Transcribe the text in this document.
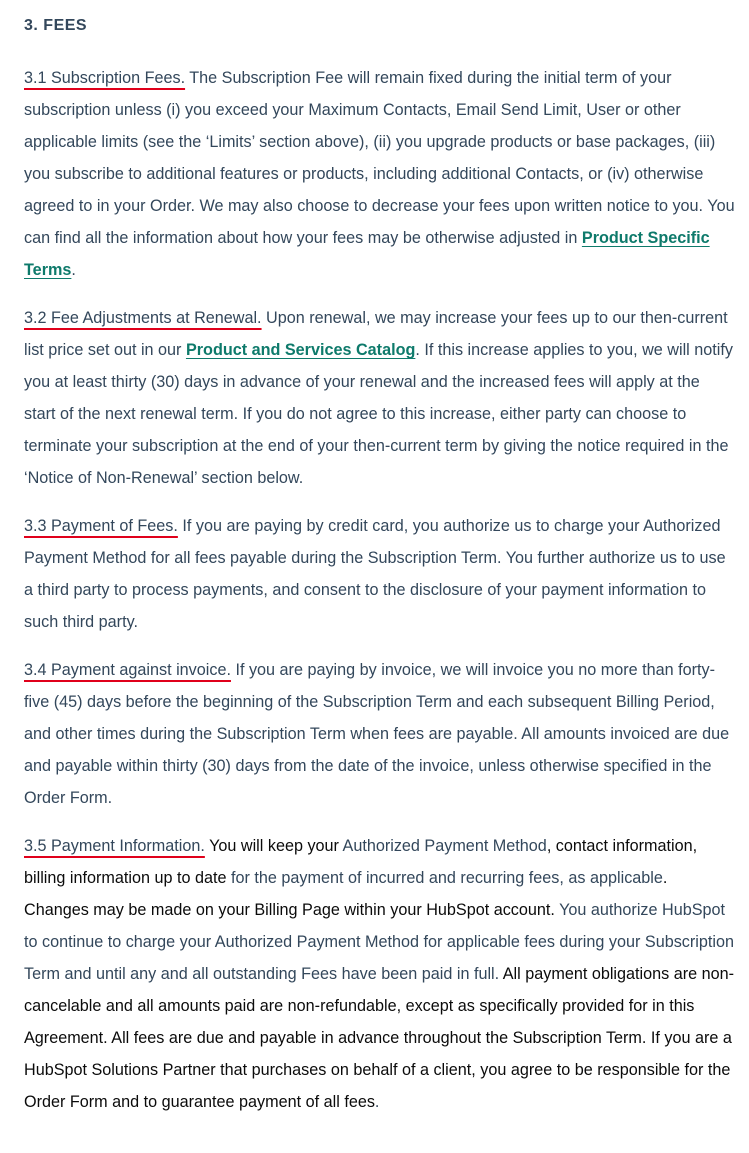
3. FEES

3.1 Subscription Fees. The Subscription Fee will remain fixed during the initial term of your subscription unless (i) you exceed your Maximum Contacts, Email Send Limit, User or other applicable limits (see the ‘Limits’ section above), (ii) you upgrade products or base packages, (iii) you subscribe to additional features or products, including additional Contacts, or (iv) otherwise agreed to in your Order. We may also choose to decrease your fees upon written notice to you. You can find all the information about how your fees may be otherwise adjusted in Product Specific Terms.

3.2 Fee Adjustments at Renewal. Upon renewal, we may increase your fees up to our then-current list price set out in our Product and Services Catalog. If this increase applies to you, we will notify you at least thirty (30) days in advance of your renewal and the increased fees will apply at the start of the next renewal term. If you do not agree to this increase, either party can choose to terminate your subscription at the end of your then-current term by giving the notice required in the ‘Notice of Non-Renewal’ section below.

3.3 Payment of Fees. If you are paying by credit card, you authorize us to charge your Authorized Payment Method for all fees payable during the Subscription Term. You further authorize us to use a third party to process payments, and consent to the disclosure of your payment information to such third party.

3.4 Payment against invoice. If you are paying by invoice, we will invoice you no more than forty-five (45) days before the beginning of the Subscription Term and each subsequent Billing Period, and other times during the Subscription Term when fees are payable. All amounts invoiced are due and payable within thirty (30) days from the date of the invoice, unless otherwise specified in the Order Form.

3.5 Payment Information. You will keep your Authorized Payment Method, contact information, billing information up to date for the payment of incurred and recurring fees, as applicable. Changes may be made on your Billing Page within your HubSpot account. You authorize HubSpot to continue to charge your Authorized Payment Method for applicable fees during your Subscription Term and until any and all outstanding Fees have been paid in full. All payment obligations are non-cancelable and all amounts paid are non-refundable, except as specifically provided for in this Agreement. All fees are due and payable in advance throughout the Subscription Term. If you are a HubSpot Solutions Partner that purchases on behalf of a client, you agree to be responsible for the Order Form and to guarantee payment of all fees.
